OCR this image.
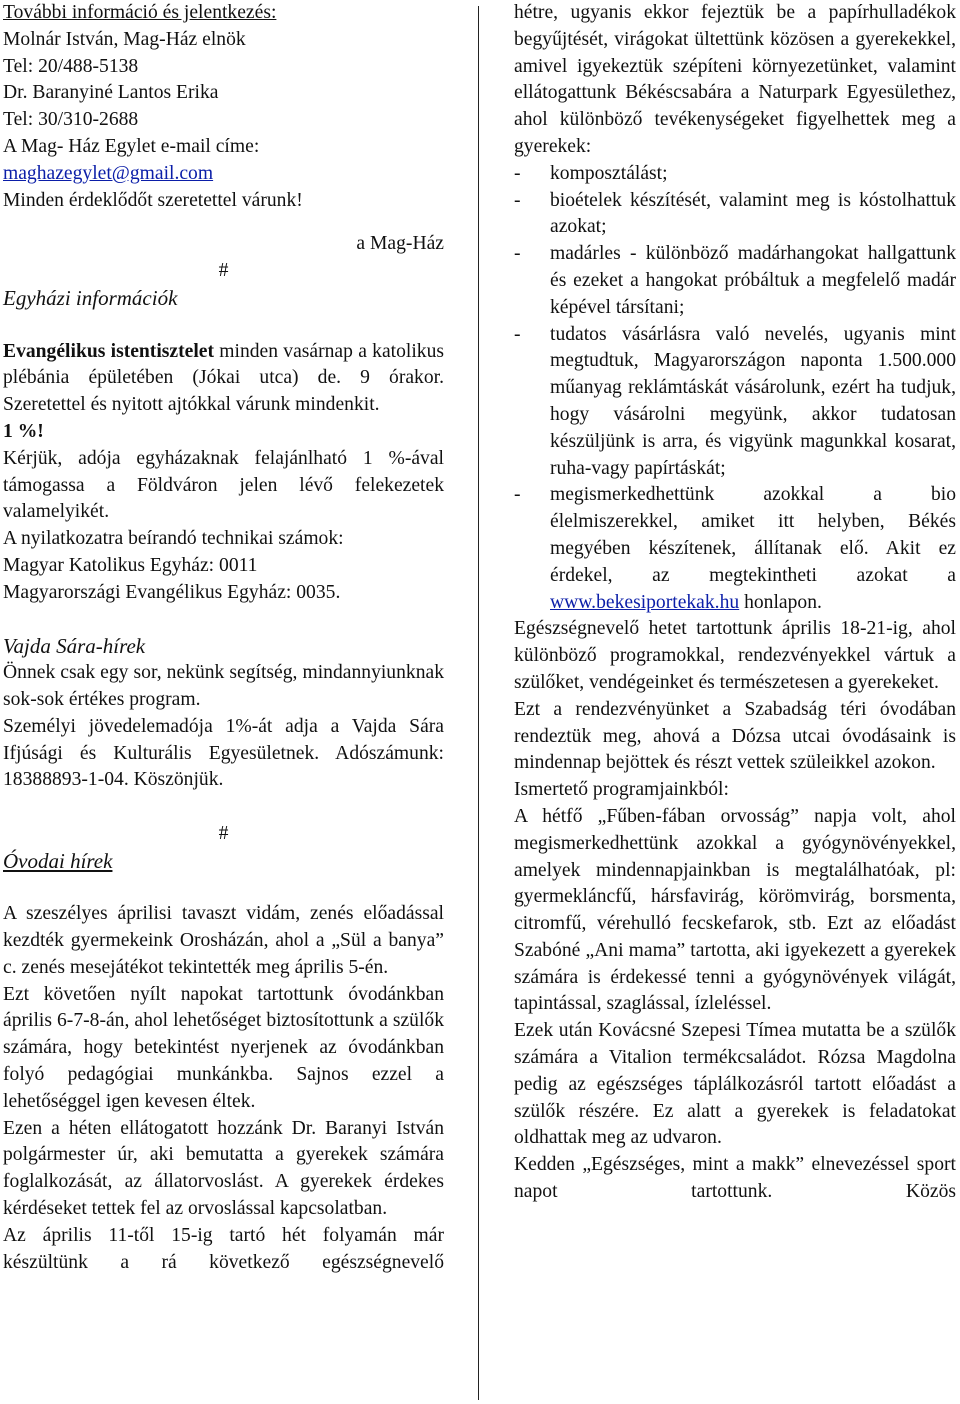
További információ és jelentkezés:

Molnár István, Mag-Ház elnök

Tel: 20/488-5138

Dr. Baranyiné Lantos Erika

Tel: 30/310-2688

A Mag- Ház Egylet e-mail címe:

maghazegylet@gmail.com

Minden érdeklődőt szeretettel várunk!

a Mag-Ház

#

Egyházi információk

Evangélikus istentisztelet minden vasárnap a katolikus plébánia épületében (Jókai utca) de. 9 órakor. Szeretettel és nyitott ajtókkal várunk mindenkit.

1 %!

Kérjük, adója egyházaknak felajánlható 1 %-ával támogassa a Földváron jelen lévő felekezetek valamelyikét.

A nyilatkozatra beírandó technikai számok:

Magyar Katolikus Egyház: 0011

Magyarországi Evangélikus Egyház: 0035.

Vajda Sára-hírek

Önnek csak egy sor, nekünk segítség, mindannyiunknak sok-sok értékes program.

Személyi jövedelemadója 1%-át adja a Vajda Sára Ifjúsági és Kulturális Egyesületnek. Adószámunk: 18388893-1-04. Köszönjük.

#

Óvodai hírek

A szeszélyes áprilisi tavaszt vidám, zenés előadással kezdték gyermekeink Orosházán, ahol a „Sül a banya” c. zenés mesejátékot tekintették meg április 5-én.

Ezt követően nyílt napokat tartottunk óvodánkban április 6-7-8-án, ahol lehetőséget biztosítottunk a szülők számára, hogy betekintést nyerjenek az óvodánkban folyó pedagógiai munkánkba. Sajnos ezzel a lehetőséggel igen kevesen éltek.

Ezen a héten ellátogatott hozzánk Dr. Baranyi István polgármester úr, aki bemutatta a gyerekek számára foglalkozását, az állatorvoslást. A gyerekek érdekes kérdéseket tettek fel az orvoslással kapcsolatban.

Az április 11-től 15-ig tartó hét folyamán már készültünk a rá következő egészségnevelő

hétre, ugyanis ekkor fejeztük be a papírhulladékok begyűjtését, virágokat ültettünk közösen a gyerekekkel, amivel igyekeztük szépíteni környezetünket, valamint ellátogattunk Békéscsabára a Naturpark Egyesülethez, ahol különböző tevékenységeket figyelhettek meg a gyerekek:

-	komposztálást;
-	bioételek készítését, valamint meg is kóstolhattuk azokat;
-	madárles - különböző madárhangokat hallgattunk és ezeket a hangokat próbáltuk a megfelelő madár képével társítani;
-	tudatos vásárlásra való nevelés, ugyanis mint megtudtuk, Magyarországon naponta 1.500.000 műanyag reklámtáskát vásárolunk, ezért ha tudjuk, hogy vásárolni megyünk, akkor tudatosan készüljünk is arra, és vigyünk magunkkal kosarat, ruha-vagy papírtáskát;
-	megismerkedhettünk azokkal a bio élelmiszerekkel, amiket itt helyben, Békés megyében készítenek, állítanak elő. Akit ez érdekel, az megtekintheti azokat a www.bekesiportekak.hu honlapon.

Egészségnevelő hetet tartottunk április 18-21-ig, ahol különböző programokkal, rendezvényekkel vártuk a szülőket, vendégeinket és természetesen a gyerekeket.

Ezt a rendezvényünket a Szabadság téri óvodában rendeztük meg, ahová a Dózsa utcai óvodásaink is mindennap bejöttek és részt vettek szüleikkel azokon.

Ismertető programjainkból:

A hétfő „Fűben-fában orvosság” napja volt, ahol megismerkedhettünk azokkal a gyógynövényekkel, amelyek mindennapjainkban is megtalálhatóak, pl: gyermekláncfű, hársfavirág, körömvirág, borsmenta, citromfű, vérehulló fecskefarok, stb. Ezt az előadást Szabóné „Ani mama” tartotta, aki igyekezett a gyerekek számára is érdekessé tenni a gyógynövények világát, tapintással, szaglással, ízleléssel.

Ezek után Kovácsné Szepesi Tímea mutatta be a szülők számára a Vitalion termékcsaládot. Rózsa Magdolna pedig az egészséges táplálkozásról tartott előadást a szülők részére. Ez alatt a gyerekek is feladatokat oldhattak meg az udvaron.

Kedden „Egészséges, mint a makk” elnevezéssel sport napot tartottunk. Közös
